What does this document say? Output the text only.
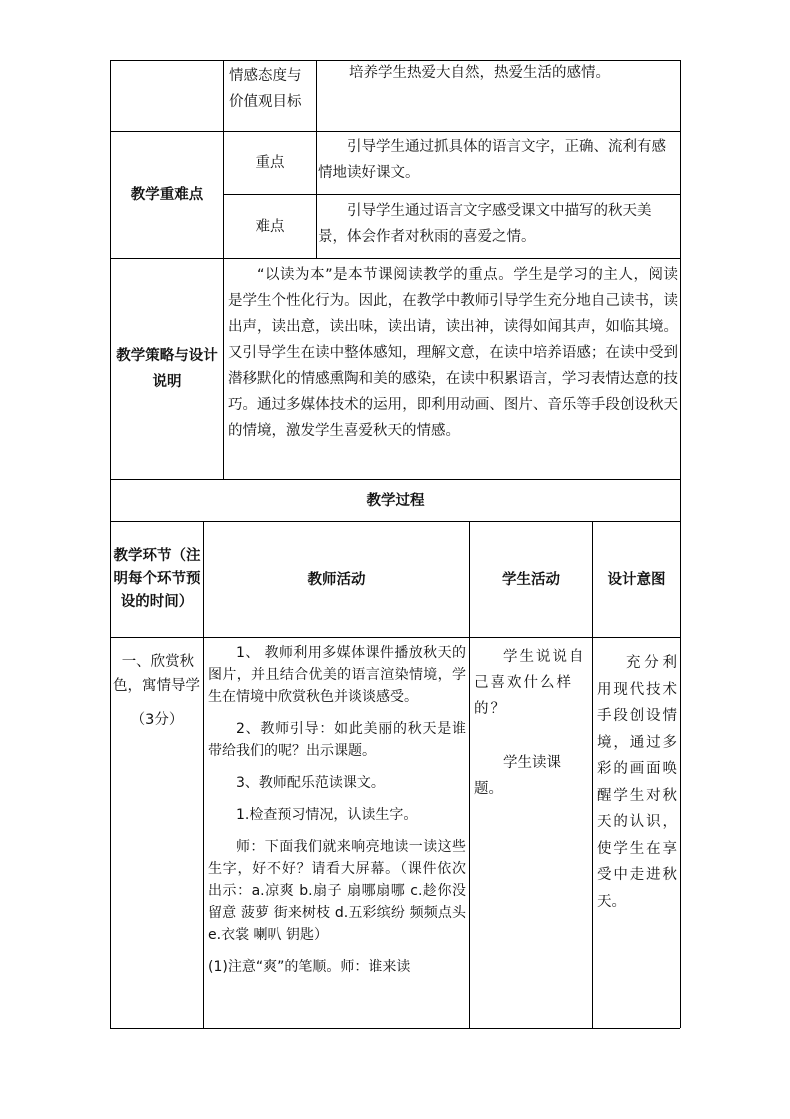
情感态度与价值观目标
培养学生热爱大自然，热爱生活的感情。
教学重难点
重点
引导学生通过抓具体的语言文字，正确、流利有感情地读好课文。
难点
引导学生通过语言文字感受课文中描写的秋天美景，体会作者对秋雨的喜爱之情。
教学策略与设计说明
“以读为本”是本节课阅读教学的重点。学生是学习的主人，阅读是学生个性化行为。因此，在教学中教师引导学生充分地自己读书，读出声，读出意，读出味，读出请，读出神，读得如闻其声，如临其境。又引导学生在读中整体感知，理解文意，在读中培养语感；在读中受到潜移默化的情感熏陶和美的感染，在读中积累语言，学习表情达意的技巧。通过多媒体技术的运用，即利用动画、图片、音乐等手段创设秋天的情境，激发学生喜爱秋天的情感。
教学过程
教学环节（注明每个环节预设的时间）
教师活动	学生活动	设计意图

一、欣赏秋色，寓情导学

（3分）

1、 教师利用多媒体课件播放秋天的图片，并且结合优美的语言渲染情境，学生在情境中欣赏秋色并谈谈感受。

2、教师引导：如此美丽的秋天是谁带给我们的呢？出示课题。

3、教师配乐范读课文。

1.检查预习情况，认读生字。

师：下面我们就来响亮地读一读这些生字，好不好？请看大屏幕。（课件依次出示：a.凉爽 b.扇子 扇哪扇哪 c.趁你没留意 菠萝 街来树枝 d.五彩缤纷 频频点头 e.衣裳 喇叭 钥匙）

(1)注意“爽”的笔顺。师：谁来读

学生说说自己喜欢什么样的？

学生读课题。

充分利用现代技术手段创设情境，通过多彩的画面唤醒学生对秋天的认识，使学生在享受中走进秋天。
